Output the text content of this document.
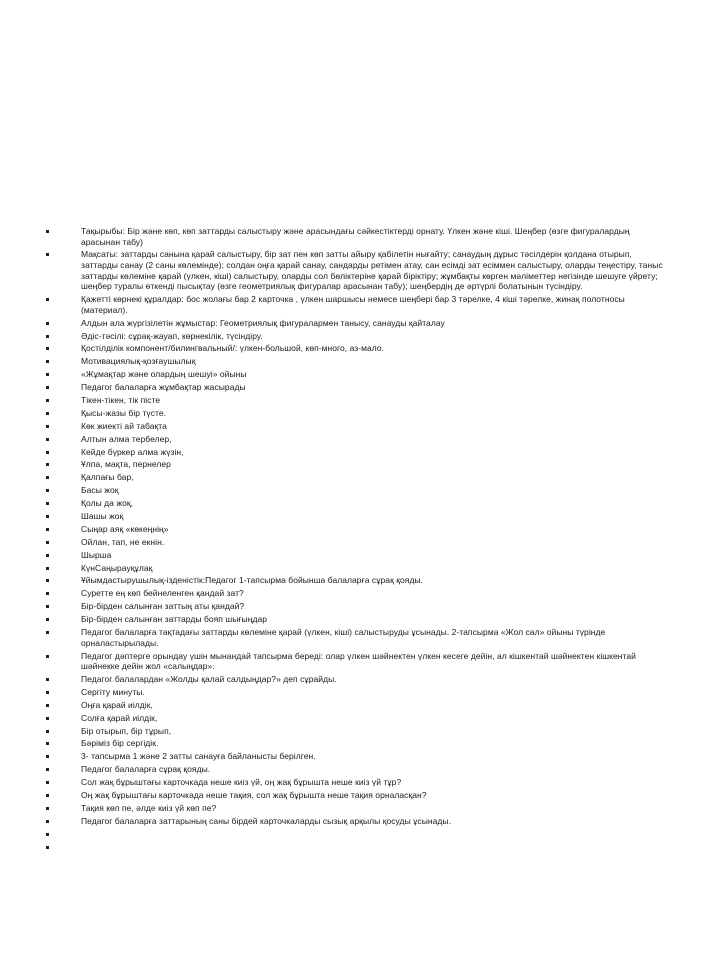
Тақырыбы: Бір және көп, көп заттарды салыстыру және арасындағы сәйкестіктерді орнату. Үлкен және кіші. Шеңбер (өзге фигуралардың арасынан табу)
Мақсаты: заттарды санына қарай салыстыру, бір зат пен көп затты айыру қабілетін нығайту; санаудың дұрыс тәсілдерін қолдана отырып, заттарды санау (2 саны көлемінде); солдан оңға қарай санау, сандарды ретімен атау, сан есімді зат есіммен салыстыру, оларды теңестіру, таныс заттарды көлеміне қарай (үлкен, кіші) салыстыру, оларды сол бөліктеріне қарай біріктіру; жұмбақты көрген мәліметтер негізінде шешуге үйрету; шеңбер туралы өткенді пысықтау (өзге геометриялық фигуралар арасынан табу); шеңбердің де әртүрлі болатынын түсіндіру.
Қажетті көрнекі құралдар: бос жолағы бар 2 карточка , үлкен шаршысы немесе шеңбері бар 3 тәрелке, 4 кіші тәрелке, жинақ полотносы (материал).
Алдын ала жүргізілетін жұмыстар: Геометриялық фигуралармен танысу, санауды қайталау
Әдіс-тәсілі: сұрақ-жауап, көрнекілік, түсіндіру.
Қостілділік компонент/билингвальный/: үлкен-большой, көп-много, аз-мало.
Мотивациялық-қозғаушылық
«Жұмақтар және олардың шешуі» ойыны
Педагог балаларға жұмбақтар жасырады
Тікен-тікен, тік пісте
Қысы-жазы бір түсте.
Көк жиекті ай табақта
Алтын алма тербелер,
Кейде бүркер алма жүзін,
Ұлпа, мақта, пернелер
Қалпағы бар,
Басы жоқ
Қолы да жоқ,
Шашы жоқ
Сыңар аяқ «көкеңнің»
Ойлан, тап, не екнін.
Шырша
КүнСаңырауқұлақ
Ұйымдастырушылық-ізденістік:Педагог 1-тапсырма бойынша балаларға сұрақ қояды.
Суретте ең көп бейнеленген қандай зат?
Бір-бірден салынған заттың аты қандай?
Бір-бірден салынған заттарды бояп шығыңдар
Педагог балаларға тақтадағы заттарды көлеміне қарай (үлкен, кіші) салыстыруды ұсынады. 2-тапсырма «Жол сал» ойыны түрінде орналастырылады.
Педагог дәптерге орындау үшін мынандай тапсырма береді: олар үлкен шәйнектен үлкен кесеге дейін, ал кішкентай шәйнектен кішкентай шәйнекке дейін жол «салыңдар».
Педагог балалардан «Жолды қалай салдыңдар?» деп сұрайды.
Сергіту минуты.
Оңға қарай иілдік,
Солға қарай иілдік,
Бір отырып, бір тұрып,
Бәріміз бір сергідік.
3- тапсырма 1 және 2 затты санауға байланысты берілген.
Педагог балаларға сұрақ қояды.
Сол жақ бұрыштағы карточкада неше киіз үй, оң жақ бұрышта неше киіз үй тұр?
Оң жақ бұрыштағы карточкада неше тақия, сол жақ бұрышта неше тақия орналасқан?
Тақия көп пе, әлде киіз үй көп пе?
Педагог балаларға заттарының саны бірдей карточкаларды сызық арқылы қосуды ұсынады.
